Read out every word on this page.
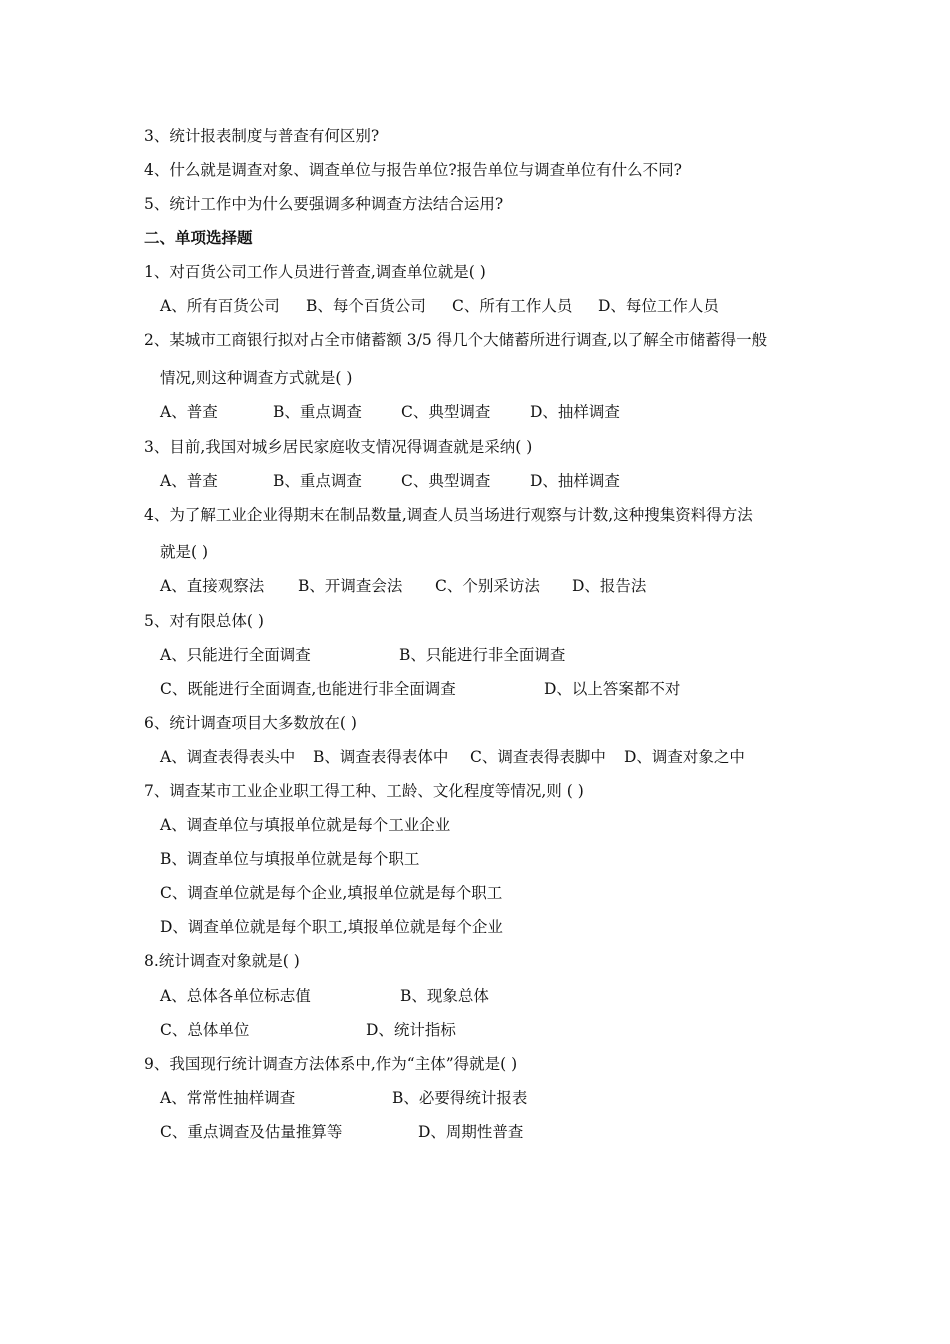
3、统计报表制度与普查有何区别?
4、什么就是调查对象、调查单位与报告单位?报告单位与调查单位有什么不同?
5、统计工作中为什么要强调多种调查方法结合运用?
二、单项选择题
1、对百货公司工作人员进行普查,调查单位就是( )
A、所有百货公司 B、每个百货公司 C、所有工作人员 D、每位工作人员
2、某城市工商银行拟对占全市储蓄额 3/5 得几个大储蓄所进行调查,以了解全市储蓄得一般
情况,则这种调查方式就是( )
A、普查	B、重点调查	C、典型调查	D、抽样调查
3、目前,我国对城乡居民家庭收支情况得调查就是采纳( )
A、普查	B、重点调查	C、典型调查	D、抽样调查
4、为了解工业企业得期末在制品数量,调查人员当场进行观察与计数,这种搜集资料得方法
就是( )
A、直接观察法 B、开调查会法 C、个别采访法 D、报告法
5、对有限总体( )
A、只能进行全面调查	B、只能进行非全面调查
C、既能进行全面调查,也能进行非全面调查	D、以上答案都不对
6、统计调查项目大多数放在( )
A、调查表得表头中 B、调查表得表体中 C、调查表得表脚中 D、调查对象之中
7、调查某市工业企业职工得工种、工龄、文化程度等情况,则 ( )
A、调查单位与填报单位就是每个工业企业
B、调查单位与填报单位就是每个职工
C、调查单位就是每个企业,填报单位就是每个职工
D、调查单位就是每个职工,填报单位就是每个企业
8.统计调查对象就是( )
A、总体各单位标志值	B、现象总体
C、总体单位	D、统计指标
9、我国现行统计调查方法体系中,作为“主体”得就是( )
A、常常性抽样调查	B、必要得统计报表
C、重点调查及估量推算等	D、周期性普查
